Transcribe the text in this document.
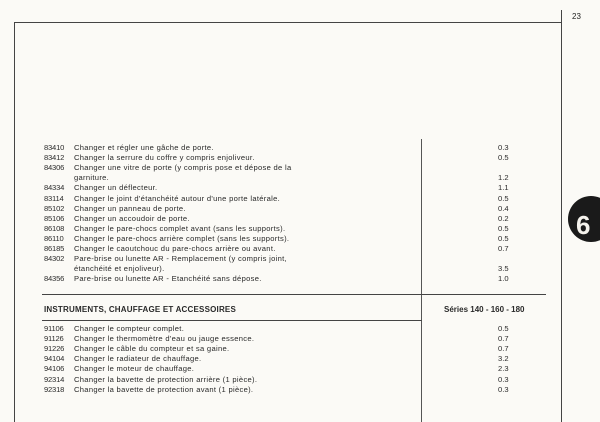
23
83410 Changer et régler une gâche de porte.	0.3
83412 Changer la serrure du coffre y compris enjoliveur.	0.5
84306 Changer une vitre de porte (y compris pose et dépose de la
garniture.	1.2
84334 Changer un déflecteur.	1.1
83114 Changer le joint d'étanchéité autour d'une porte latérale.	0.5
85102 Changer un panneau de porte.	0.4
85106 Changer un accoudoir de porte.	0.2
86108 Changer le pare-chocs complet avant (sans les supports).	0.5
86110 Changer le pare-chocs arrière complet (sans les supports).	0.5
86185 Changer le caoutchouc du pare-chocs arrière ou avant.	0.7
84302 Pare-brise ou lunette AR - Remplacement (y compris joint,
étanchéité et enjoliveur).	3.5
84356 Pare-brise ou lunette AR - Etanchéité sans dépose.	1.0
INSTRUMENTS, CHAUFFAGE ET ACCESSOIRES	Séries 140 - 160 - 180
91106 Changer le compteur complet.	0.5
91126 Changer le thermomètre d'eau ou jauge essence.	0.7
91226 Changer le câble du compteur et sa gaine.	0.7
94104 Changer le radiateur de chauffage.	3.2
94106 Changer le moteur de chauffage.	2.3
92314 Changer la bavette de protection arrière (1 pièce).	0.3
92318 Changer la bavette de protection avant (1 pièce).	0.3
6
